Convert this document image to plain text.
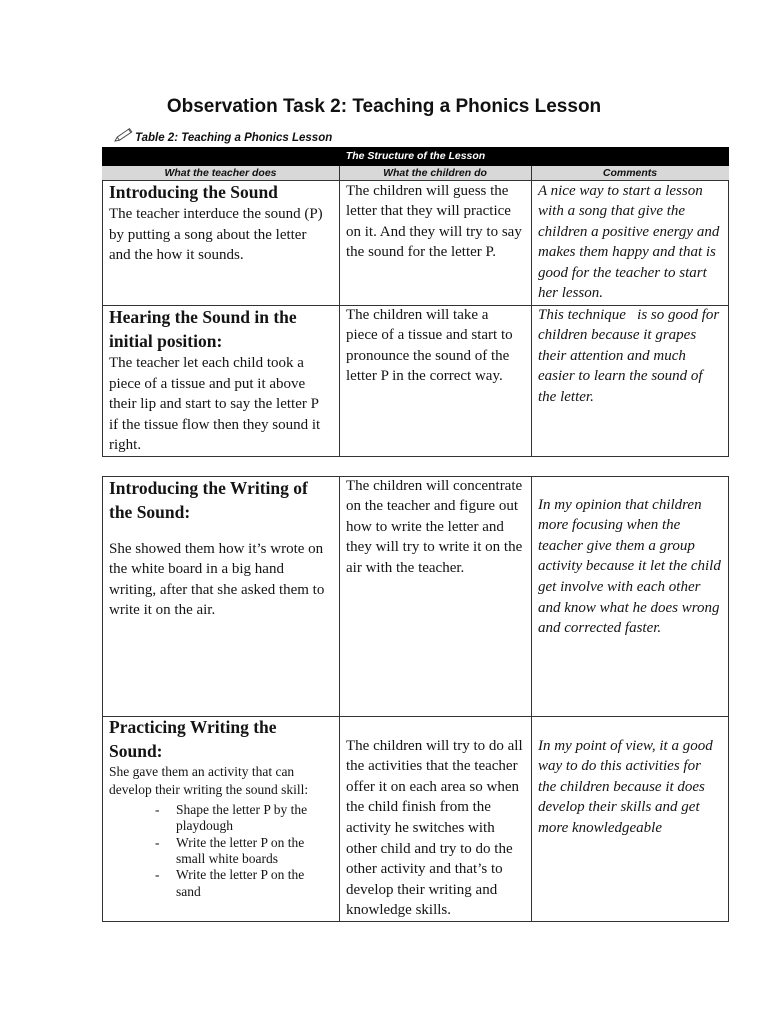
Observation Task 2: Teaching a Phonics Lesson
Table 2: Teaching a Phonics Lesson
The Structure of the Lesson
What the teacher does	What the children do	Comments
Introducing the Sound
The teacher interduce the sound (P)
by putting a song about the letter
and the how it sounds.
The children will guess the
letter that they will practice
on it. And they will try to say
the sound for the letter P.
A nice way to start a lesson
with a song that give the
children a positive energy and
makes them happy and that is
good for the teacher to start
her lesson.
Hearing the Sound in the
initial position:
The teacher let each child took a
piece of a tissue and put it above
their lip and start to say the letter P
if the tissue flow then they sound it
right.
The children will take a
piece of a tissue and start to
pronounce the sound of the
letter P in the correct way.
This technique   is so good for
children because it grapes
their attention and much
easier to learn the sound of
the letter.
Introducing the Writing of
the Sound:
She showed them how it’s wrote on
the white board in a big hand
writing, after that she asked them to
write it on the air.
The children will concentrate
on the teacher and figure out
how to write the letter and
they will try to write it on the
air with the teacher.
In my opinion that children
more focusing when the
teacher give them a group
activity because it let the child
get involve with each other
and know what he does wrong
and corrected faster.
Practicing Writing the
Sound:
She gave them an activity that can
develop their writing the sound skill:
- Shape the letter P by the
playdough
- Write the letter P on the
small white boards
- Write the letter P on the
sand
The children will try to do all
the activities that the teacher
offer it on each area so when
the child finish from the
activity he switches with
other child and try to do the
other activity and that’s to
develop their writing and
knowledge skills.
In my point of view, it a good
way to do this activities for
the children because it does
develop their skills and get
more knowledgeable
